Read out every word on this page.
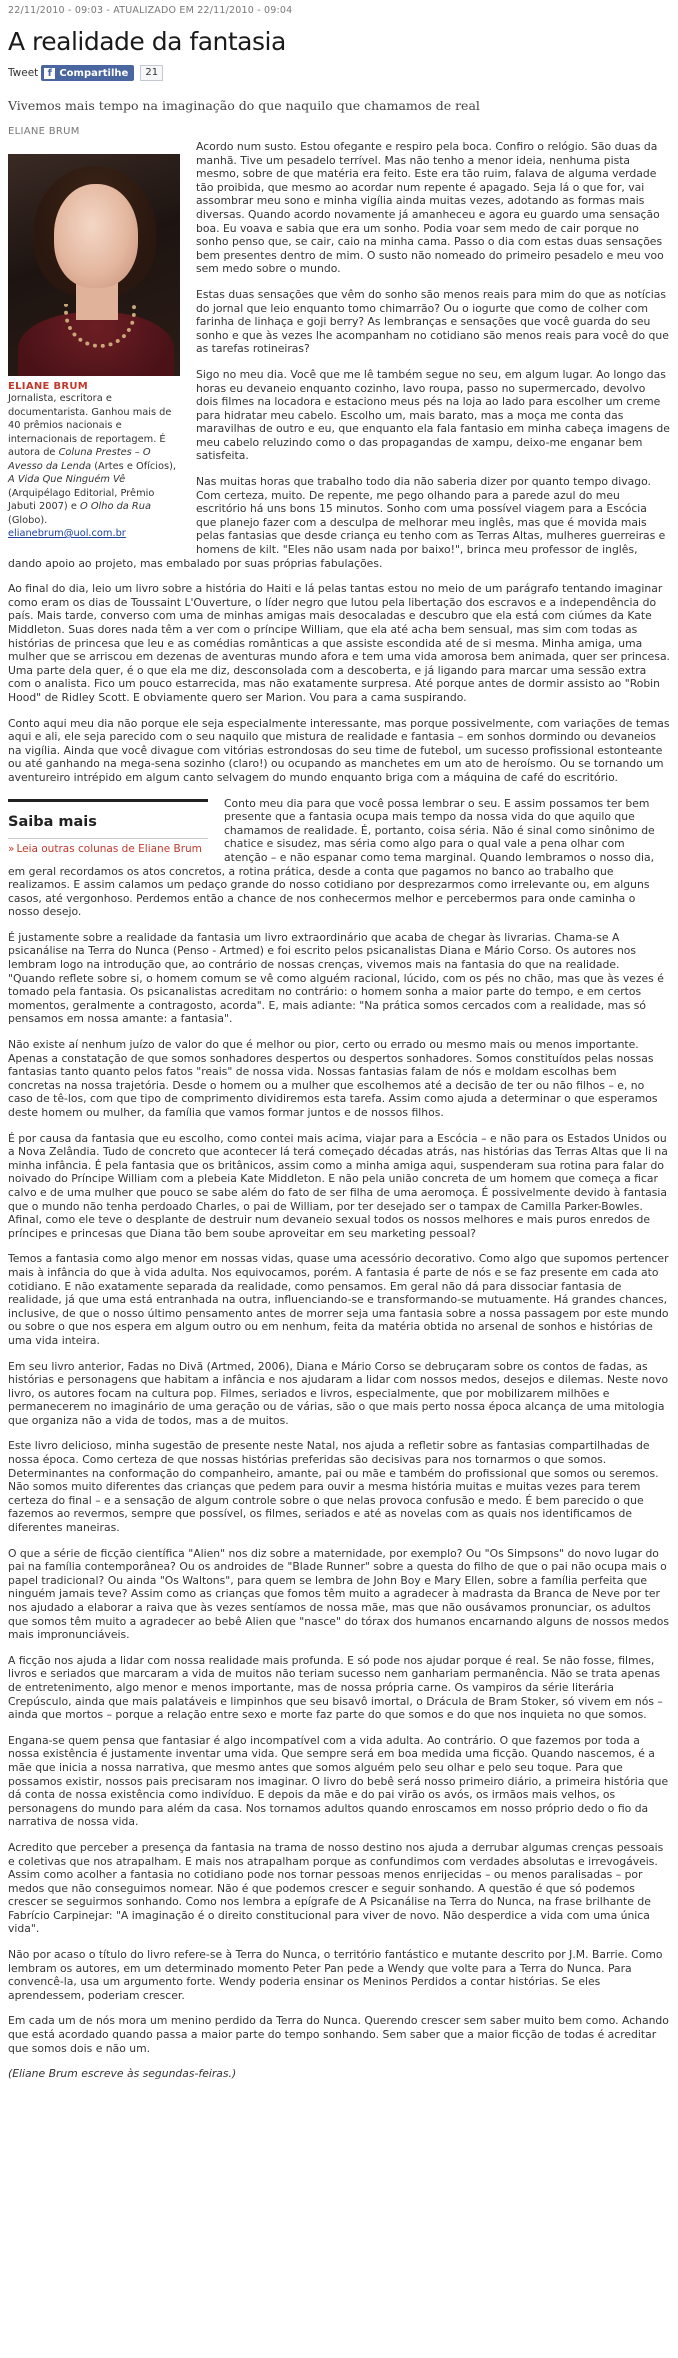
22/11/2010 - 09:03 - ATUALIZADO EM 22/11/2010 - 09:04
A realidade da fantasia
Tweet f Compartilhe	21
Vivemos mais tempo na imaginação do que naquilo que chamamos de real
ELIANE BRUM
ELIANE BRUM
Jornalista, escritora e documentarista. Ganhou mais de 40 prêmios nacionais e internacionais de reportagem. É autora de Coluna Prestes – O Avesso da Lenda (Artes e Ofícios), A Vida Que Ninguém Vê (Arquipélago Editorial, Prêmio Jabuti 2007) e O Olho da Rua (Globo).
elianebrum@uol.com.br

Acordo num susto. Estou ofegante e respiro pela boca. Confiro o relógio. São duas da manhã. Tive um pesadelo terrível. Mas não tenho a menor ideia, nenhuma pista mesmo, sobre de que matéria era feito. Este era tão ruim, falava de alguma verdade tão proibida, que mesmo ao acordar num repente é apagado. Seja lá o que for, vai assombrar meu sono e minha vigília ainda muitas vezes, adotando as formas mais diversas. Quando acordo novamente já amanheceu e agora eu guardo uma sensação boa. Eu voava e sabia que era um sonho. Podia voar sem medo de cair porque no sonho penso que, se cair, caio na minha cama. Passo o dia com estas duas sensações bem presentes dentro de mim. O susto não nomeado do primeiro pesadelo e meu voo sem medo sobre o mundo.

Estas duas sensações que vêm do sonho são menos reais para mim do que as notícias do jornal que leio enquanto tomo chimarrão? Ou o iogurte que como de colher com farinha de linhaça e goji berry? As lembranças e sensações que você guarda do seu sonho e que às vezes lhe acompanham no cotidiano são menos reais para você do que as tarefas rotineiras?

Sigo no meu dia. Você que me lê também segue no seu, em algum lugar. Ao longo das horas eu devaneio enquanto cozinho, lavo roupa, passo no supermercado, devolvo dois filmes na locadora e estaciono meus pés na loja ao lado para escolher um creme para hidratar meu cabelo. Escolho um, mais barato, mas a moça me conta das maravilhas de outro e eu, que enquanto ela fala fantasio em minha cabeça imagens de meu cabelo reluzindo como o das propagandas de xampu, deixo-me enganar bem satisfeita.

Nas muitas horas que trabalho todo dia não saberia dizer por quanto tempo divago. Com certeza, muito. De repente, me pego olhando para a parede azul do meu escritório há uns bons 15 minutos. Sonho com uma possível viagem para a Escócia que planejo fazer com a desculpa de melhorar meu inglês, mas que é movida mais pelas fantasias que desde criança eu tenho com as Terras Altas, mulheres guerreiras e homens de kilt. "Eles não usam nada por baixo!", brinca meu professor de inglês, dando apoio ao projeto, mas embalado por suas próprias fabulações.

Ao final do dia, leio um livro sobre a história do Haiti e lá pelas tantas estou no meio de um parágrafo tentando imaginar como eram os dias de Toussaint L'Ouverture, o líder negro que lutou pela libertação dos escravos e a independência do país. Mais tarde, converso com uma de minhas amigas mais desocaladas e descubro que ela está com ciúmes da Kate Middleton. Suas dores nada têm a ver com o príncipe William, que ela até acha bem sensual, mas sim com todas as histórias de princesa que leu e as comédias românticas a que assiste escondida até de si mesma. Minha amiga, uma mulher que se arriscou em dezenas de aventuras mundo afora e tem uma vida amorosa bem animada, quer ser princesa. Uma parte dela quer, é o que ela me diz, desconsolada com a descoberta, e já ligando para marcar uma sessão extra com o analista. Fico um pouco estarrecida, mas não exatamente surpresa. Até porque antes de dormir assisto ao "Robin Hood" de Ridley Scott. E obviamente quero ser Marion. Vou para a cama suspirando.

Conto aqui meu dia não porque ele seja especialmente interessante, mas porque possivelmente, com variações de temas aqui e ali, ele seja parecido com o seu naquilo que mistura de realidade e fantasia – em sonhos dormindo ou devaneios na vigília. Ainda que você divague com vitórias estrondosas do seu time de futebol, um sucesso profissional estonteante ou até ganhando na mega-sena sozinho (claro!) ou ocupando as manchetes em um ato de heroísmo. Ou se tornando um aventureiro intrépido em algum canto selvagem do mundo enquanto briga com a máquina de café do escritório.

Saiba mais
» Leia outras colunas de Eliane Brum

Conto meu dia para que você possa lembrar o seu. E assim possamos ter bem presente que a fantasia ocupa mais tempo da nossa vida do que aquilo que chamamos de realidade. É, portanto, coisa séria. Não é sinal como sinônimo de chatice e sisudez, mas séria como algo para o qual vale a pena olhar com atenção – e não espanar como tema marginal. Quando lembramos o nosso dia, em geral recordamos os atos concretos, a rotina prática, desde a conta que pagamos no banco ao trabalho que realizamos. E assim calamos um pedaço grande do nosso cotidiano por desprezarmos como irrelevante ou, em alguns casos, até vergonhoso. Perdemos então a chance de nos conhecermos melhor e percebermos para onde caminha o nosso desejo.

É justamente sobre a realidade da fantasia um livro extraordinário que acaba de chegar às livrarias. Chama-se A psicanálise na Terra do Nunca (Penso - Artmed) e foi escrito pelos psicanalistas Diana e Mário Corso. Os autores nos lembram logo na introdução que, ao contrário de nossas crenças, vivemos mais na fantasia do que na realidade. "Quando reflete sobre si, o homem comum se vê como alguém racional, lúcido, com os pés no chão, mas que às vezes é tomado pela fantasia. Os psicanalistas acreditam no contrário: o homem sonha a maior parte do tempo, e em certos momentos, geralmente a contragosto, acorda". E, mais adiante: "Na prática somos cercados com a realidade, mas só pensamos em nossa amante: a fantasia".

Não existe aí nenhum juízo de valor do que é melhor ou pior, certo ou errado ou mesmo mais ou menos importante. Apenas a constatação de que somos sonhadores despertos ou despertos sonhadores. Somos constituídos pelas nossas fantasias tanto quanto pelos fatos "reais" de nossa vida. Nossas fantasias falam de nós e moldam escolhas bem concretas na nossa trajetória. Desde o homem ou a mulher que escolhemos até a decisão de ter ou não filhos – e, no caso de tê-los, com que tipo de comprimento dividiremos esta tarefa. Assim como ajuda a determinar o que esperamos deste homem ou mulher, da família que vamos formar juntos e de nossos filhos.

É por causa da fantasia que eu escolho, como contei mais acima, viajar para a Escócia – e não para os Estados Unidos ou a Nova Zelândia. Tudo de concreto que acontecer lá terá começado décadas atrás, nas histórias das Terras Altas que li na minha infância. É pela fantasia que os britânicos, assim como a minha amiga aqui, suspenderam sua rotina para falar do noivado do Príncipe William com a plebeia Kate Middleton. E não pela união concreta de um homem que começa a ficar calvo e de uma mulher que pouco se sabe além do fato de ser filha de uma aeromoça. É possivelmente devido à fantasia que o mundo não tenha perdoado Charles, o pai de William, por ter desejado ser o tampax de Camilla Parker-Bowles. Afinal, como ele teve o desplante de destruir num devaneio sexual todos os nossos melhores e mais puros enredos de príncipes e princesas que Diana tão bem soube aproveitar em seu marketing pessoal?

Temos a fantasia como algo menor em nossas vidas, quase uma acessório decorativo. Como algo que supomos pertencer mais à infância do que à vida adulta. Nos equivocamos, porém. A fantasia é parte de nós e se faz presente em cada ato cotidiano. E não exatamente separada da realidade, como pensamos. Em geral não dá para dissociar fantasia de realidade, já que uma está entranhada na outra, influenciando-se e transformando-se mutuamente. Há grandes chances, inclusive, de que o nosso último pensamento antes de morrer seja uma fantasia sobre a nossa passagem por este mundo ou sobre o que nos espera em algum outro ou em nenhum, feita da matéria obtida no arsenal de sonhos e histórias de uma vida inteira.

Em seu livro anterior, Fadas no Divã (Artmed, 2006), Diana e Mário Corso se debruçaram sobre os contos de fadas, as histórias e personagens que habitam a infância e nos ajudaram a lidar com nossos medos, desejos e dilemas. Neste novo livro, os autores focam na cultura pop. Filmes, seriados e livros, especialmente, que por mobilizarem milhões e permanecerem no imaginário de uma geração ou de várias, são o que mais perto nossa época alcança de uma mitologia que organiza não a vida de todos, mas a de muitos.

Este livro delicioso, minha sugestão de presente neste Natal, nos ajuda a refletir sobre as fantasias compartilhadas de nossa época. Como certeza de que nossas histórias preferidas são decisivas para nos tornarmos o que somos. Determinantes na conformação do companheiro, amante, pai ou mãe e também do profissional que somos ou seremos. Não somos muito diferentes das crianças que pedem para ouvir a mesma história muitas e muitas vezes para terem certeza do final – e a sensação de algum controle sobre o que nelas provoca confusão e medo. É bem parecido o que fazemos ao revermos, sempre que possível, os filmes, seriados e até as novelas com as quais nos identificamos de diferentes maneiras.

O que a série de ficção científica "Alien" nos diz sobre a maternidade, por exemplo? Ou "Os Simpsons" do novo lugar do pai na família contemporânea? Ou os androides de "Blade Runner" sobre a questa do filho de que o pai não ocupa mais o papel tradicional? Ou ainda "Os Waltons", para quem se lembra de John Boy e Mary Ellen, sobre a família perfeita que ninguém jamais teve? Assim como as crianças que fomos têm muito a agradecer à madrasta da Branca de Neve por ter nos ajudado a elaborar a raiva que às vezes sentíamos de nossa mãe, mas que não ousávamos pronunciar, os adultos que somos têm muito a agradecer ao bebê Alien que "nasce" do tórax dos humanos encarnando alguns de nossos medos mais impronunciáveis.

A ficção nos ajuda a lidar com nossa realidade mais profunda. E só pode nos ajudar porque é real. Se não fosse, filmes, livros e seriados que marcaram a vida de muitos não teriam sucesso nem ganhariam permanência. Não se trata apenas de entretenimento, algo menor e menos importante, mas de nossa própria carne. Os vampiros da série literária Crepúsculo, ainda que mais palatáveis e limpinhos que seu bisavô imortal, o Drácula de Bram Stoker, só vivem em nós – ainda que mortos – porque a relação entre sexo e morte faz parte do que somos e do que nos inquieta no que somos.

Engana-se quem pensa que fantasiar é algo incompatível com a vida adulta. Ao contrário. O que fazemos por toda a nossa existência é justamente inventar uma vida. Que sempre será em boa medida uma ficção. Quando nascemos, é a mãe que inicia a nossa narrativa, que mesmo antes que somos alguém pelo seu olhar e pelo seu toque. Para que possamos existir, nossos pais precisaram nos imaginar. O livro do bebê será nosso primeiro diário, a primeira história que dá conta de nossa existência como indivíduo. E depois da mãe e do pai virão os avós, os irmãos mais velhos, os personagens do mundo para além da casa. Nos tornamos adultos quando enroscamos em nosso próprio dedo o fio da narrativa de nossa vida.

Acredito que perceber a presença da fantasia na trama de nosso destino nos ajuda a derrubar algumas crenças pessoais e coletivas que nos atrapalham. E mais nos atrapalham porque as confundimos com verdades absolutas e irrevogáveis. Assim como acolher a fantasia no cotidiano pode nos tornar pessoas menos enrijecidas – ou menos paralisadas – por medos que não conseguimos nomear. Não é que podemos crescer e seguir sonhando. A questão é que só podemos crescer se seguirmos sonhando. Como nos lembra a epígrafe de A Psicanálise na Terra do Nunca, na frase brilhante de Fabrício Carpinejar: "A imaginação é o direito constitucional para viver de novo. Não desperdice a vida com uma única vida".

Não por acaso o título do livro refere-se à Terra do Nunca, o território fantástico e mutante descrito por J.M. Barrie. Como lembram os autores, em um determinado momento Peter Pan pede a Wendy que volte para a Terra do Nunca. Para convencê-la, usa um argumento forte. Wendy poderia ensinar os Meninos Perdidos a contar histórias. Se eles aprendessem, poderiam crescer.

Em cada um de nós mora um menino perdido da Terra do Nunca. Querendo crescer sem saber muito bem como. Achando que está acordado quando passa a maior parte do tempo sonhando. Sem saber que a maior ficção de todas é acreditar que somos dois e não um.

(Eliane Brum escreve às segundas-feiras.)
